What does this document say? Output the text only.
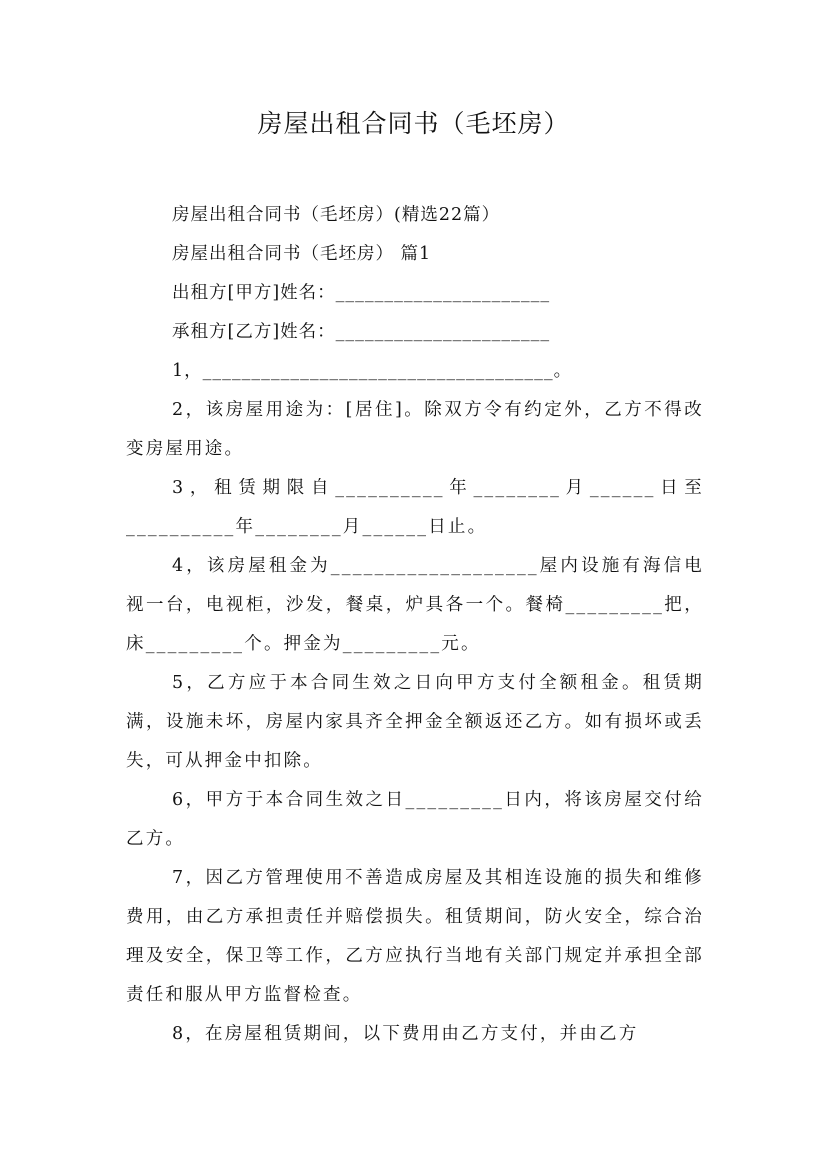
房屋出租合同书（毛坯房）

房屋出租合同书（毛坯房）(精选22篇）

房屋出租合同书（毛坯房） 篇1

出租方[甲方]姓名：______________________

承租方[乙方]姓名：______________________

1，____________________________________。

2，该房屋用途为：[居住]。除双方令有约定外，乙方不得改变房屋用途。

3，租赁期限自__________年________月______日至__________年________月______日止。

4，该房屋租金为___________________屋内设施有海信电视一台，电视柜，沙发，餐桌，炉具各一个。餐椅_________把，床_________个。押金为_________元。

5，乙方应于本合同生效之日向甲方支付全额租金。租赁期满，设施未坏，房屋内家具齐全押金全额返还乙方。如有损坏或丢失，可从押金中扣除。

6，甲方于本合同生效之日_________日内，将该房屋交付给乙方。

7，因乙方管理使用不善造成房屋及其相连设施的损失和维修费用，由乙方承担责任并赔偿损失。租赁期间，防火安全，综合治理及安全，保卫等工作，乙方应执行当地有关部门规定并承担全部责任和服从甲方监督检查。

8，在房屋租赁期间，以下费用由乙方支付，并由乙方
